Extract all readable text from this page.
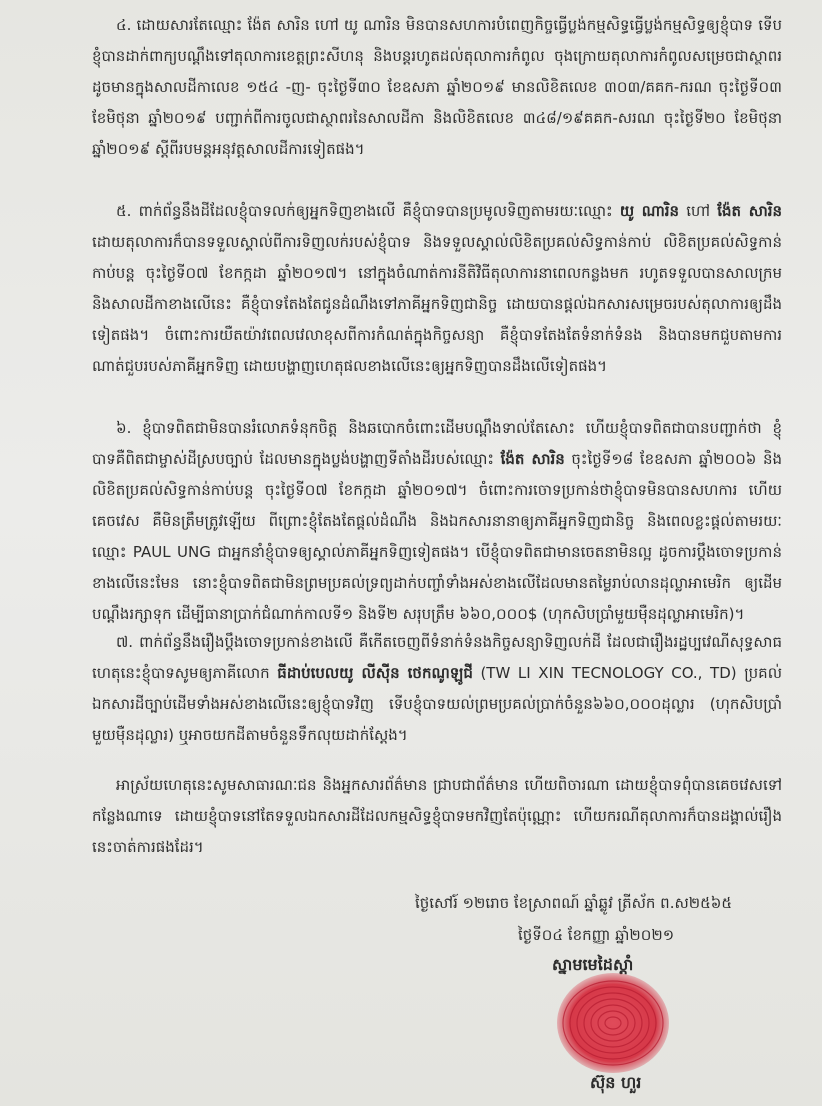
៤. ដោយសារតែឈ្មោះ ង៉ែត សារិន ហៅ យូ ណារិន មិនបានសហការបំពេញកិច្ចធ្វើប្លង់កម្មសិទ្ធធ្វើប្លង់កម្មសិទ្ធឲ្យខ្ញុំបាទ ទើបខ្ញុំបានដាក់ពាក្យបណ្តឹងទៅតុលាការខេត្តព្រះសីហនុ និងបន្តរហូតដល់តុលាការកំពូល ចុងក្រោយតុលាការកំពូលសម្រេចជាស្ថាពរ ដូចមានក្នុងសាលដីកាលេខ ១៥៤ -ញ- ចុះថ្ងៃទី៣០ ខែឧសភា ឆ្នាំ២០១៩ មានលិខិតលេខ ៣០៣/គគក-ករណ ចុះថ្ងៃទី០៣ ខែមិថុនា ឆ្នាំ២០១៩ បញ្ជាក់ពីការចូលជាស្ថាពរនៃសាលដីកា និងលិខិតលេខ ៣៤៨/១៩គគក-សរណ ចុះថ្ងៃទី២០ ខែមិថុនា ឆ្នាំ២០១៩ ស្តីពីរបមន្តអនុវត្តសាលដីការទៀតផង។

៥. ពាក់ព័ន្ធនឹងដីដែលខ្ញុំបាទលក់ឲ្យអ្នកទិញខាងលើ គឺខ្ញុំបាទបានប្រមូលទិញតាមរយៈឈ្មោះ យូ ណារិន ហៅ ង៉ែត សារិន ដោយតុលាការក៏បានទទួលស្គាល់ពីការទិញលក់របស់ខ្ញុំបាទ និងទទួលស្គាល់លិខិតប្រគល់សិទ្ធកាន់កាប់ លិខិតប្រគល់សិទ្ធកាន់កាប់បន្ត ចុះថ្ងៃទី០៧ ខែកក្កដា ឆ្នាំ២០១៧។ នៅក្នុងចំណាត់ការនីតិវិធីតុលាការនាពេលកន្លងមក រហូតទទួលបានសាលក្រម និងសាលដីកាខាងលើនេះ គឺខ្ញុំបាទតែងតែជូនដំណឹងទៅភាគីអ្នកទិញជានិច្ច ដោយបានផ្តល់ឯកសារសម្រេចរបស់តុលាការឲ្យដឹងទៀតផង។ ចំពោះការយឺតយ៉ាវពេលវេលាខុសពីការកំណត់ក្នុងកិច្ចសន្យា គឺខ្ញុំបាទតែងតែទំនាក់ទំនង និងបានមកជួបតាមការណាត់ជួបរបស់ភាគីអ្នកទិញ ដោយបង្ហាញហេតុផលខាងលើនេះឲ្យអ្នកទិញបានដឹងលើទៀតផង។

៦. ខ្ញុំបាទពិតជាមិនបានរំលោភទំនុកចិត្ត និងឆបោកចំពោះដើមបណ្តឹងទាល់តែសោះ ហើយខ្ញុំបាទពិតជាបានបញ្ជាក់ថា ខ្ញុំបាទគឺពិតជាម្ចាស់ដីស្របច្បាប់ ដែលមានក្នុងប្លង់បង្ហាញទីតាំងដីរបស់ឈ្មោះ ង៉ែត សារិន ចុះថ្ងៃទី១៨ ខែឧសភា ឆ្នាំ២០០៦ និងលិខិតប្រគល់សិទ្ធកាន់កាប់បន្ត ចុះថ្ងៃទី០៧ ខែកក្កដា ឆ្នាំ២០១៧។ ចំពោះការចោទប្រកាន់ថាខ្ញុំបាទមិនបានសហការ ហើយគេចវេស គឺមិនត្រឹមត្រូវឡើយ ពីព្រោះខ្ញុំតែងតែផ្តល់ដំណឹង និងឯកសារនានាឲ្យភាគីអ្នកទិញជានិច្ច និងពេលខ្លះផ្តល់តាមរយៈឈ្មោះ PAUL UNG ជាអ្នកនាំខ្ញុំបាទឲ្យស្គាល់ភាគីអ្នកទិញទៀតផង។ បើខ្ញុំបាទពិតជាមានចេតនាមិនល្អ ដូចការប្តឹងចោទប្រកាន់ខាងលើនេះមែន នោះខ្ញុំបាទពិតជាមិនព្រមប្រគល់ទ្រព្យដាក់បញ្ចាំទាំងអស់ខាងលើដែលមានតម្លៃរាប់លានដុល្លាអាមេរិក ឲ្យដើមបណ្តឹងរក្សាទុក ដើម្បីធានាប្រាក់ជំណាក់កាលទី១ និងទី២ សរុបត្រឹម ៦៦០,០០០$ (ហុកសិបប្រាំមួយម៉ឺនដុល្លាអាមេរិក)។

៧. ពាក់ព័ន្ធនឹងរឿងប្តឹងចោទប្រកាន់ខាងលើ គឺកើតចេញពីទំនាក់ទំនងកិច្ចសន្យាទិញលក់ដី ដែលជារឿងរដ្ឋប្បវេណីសុទ្ធសាធ ហេតុនេះខ្ញុំបាទសូមឲ្យភាគីលោក ធីដាប់បេលយូ លីស៊ីន ថេកណូឡូជី (TW LI XIN TECNOLOGY CO., TD) ប្រគល់ឯកសារដីច្បាប់ដើមទាំងអស់ខាងលើនេះឲ្យខ្ញុំបាទវិញ ទើបខ្ញុំបាទយល់ព្រមប្រគល់ប្រាក់ចំនួន៦៦០,០០០ដុល្លារ (ហុកសិបប្រាំមួយម៉ឺនដុល្លារ) ឬអាចយកដីតាមចំនួនទឹកលុយដាក់ស្តែង។

អាស្រ័យហេតុនេះសូមសាធារណៈជន និងអ្នកសារព័ត៌មាន ជ្រាបជាព័ត៌មាន ហើយពិចារណា ដោយខ្ញុំបាទពុំបានគេចវេសទៅកន្លែងណាទេ ដោយខ្ញុំបាទនៅតែទទួលឯកសារដីដែលកម្មសិទ្ធខ្ញុំបាទមកវិញតែប៉ុណ្ណោះ ហើយករណីតុលាការក៏បានដង្គាល់រឿងនេះចាត់ការផងដែរ។

ថ្ងៃសៅរ៍ ១២រោច ខែស្រាពណ៍ ឆ្នាំឆ្លូវ ត្រីស័ក ព.ស២៥៦៥
ថ្ងៃទី០៤ ខែកញ្ញា ឆ្នាំ២០២១
ស្នាមមេដៃស្តាំ
ស៊ុន ហួរ
